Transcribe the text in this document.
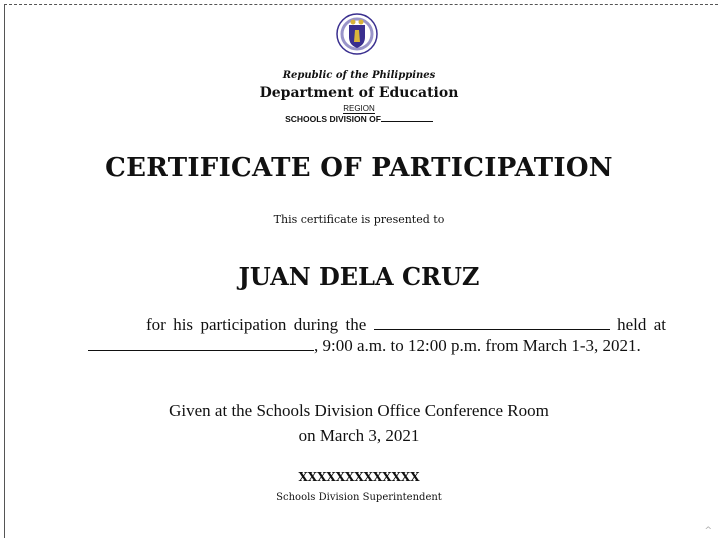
Republic of the Philippines
Department of Education
REGION
SCHOOLS DIVISION OF
CERTIFICATE OF PARTICIPATION
This certificate is presented to
JUAN DELA CRUZ
for his participation during the	held at , 9:00 a.m. to 12:00 p.m. from March 1-3, 2021.
Given at the Schools Division Office Conference Room
on March 3, 2021
XXXXXXXXXXXXX
Schools Division Superintendent
^
